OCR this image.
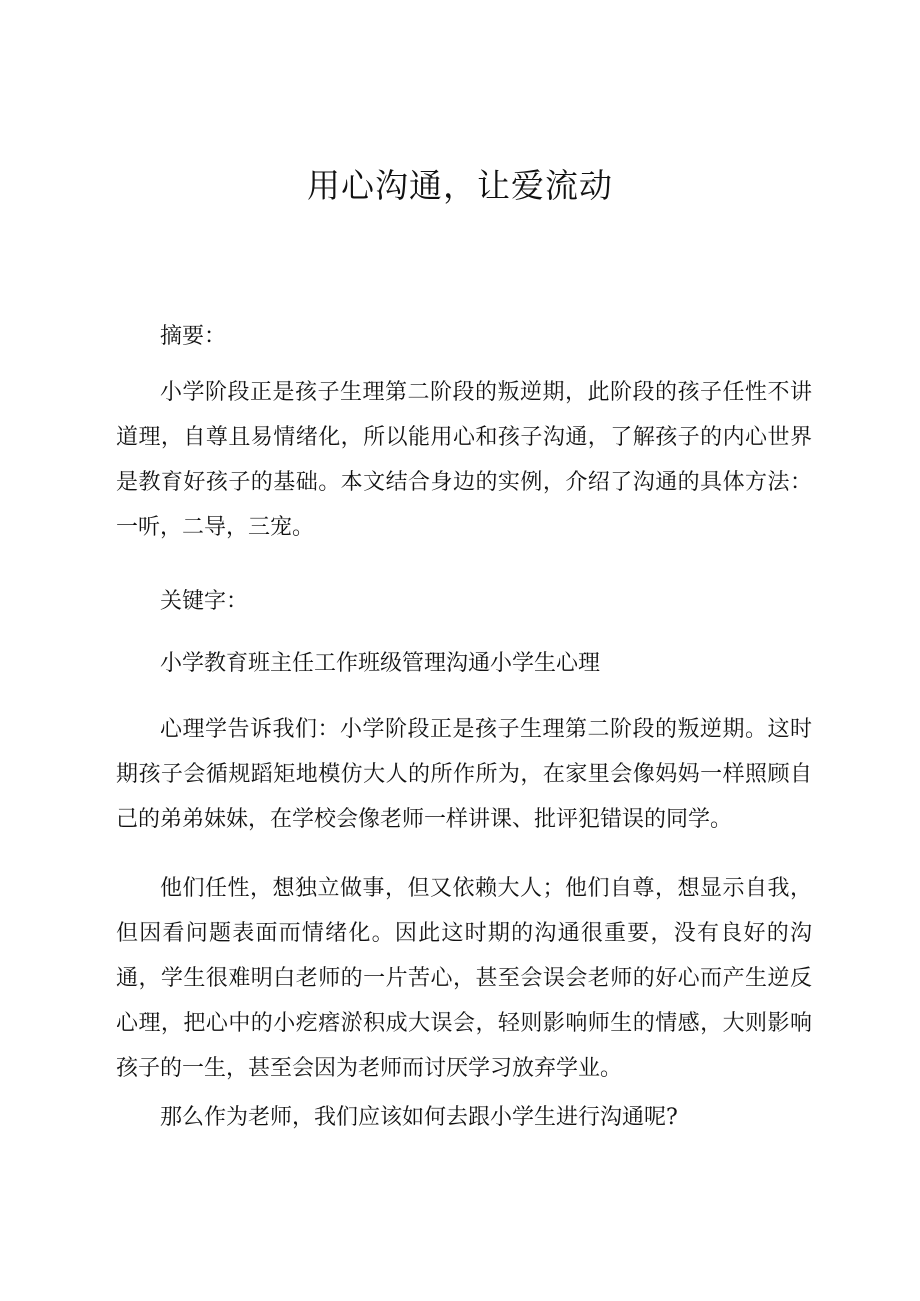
用心沟通，让爱流动

摘要：

小学阶段正是孩子生理第二阶段的叛逆期，此阶段的孩子任性不讲道理，自尊且易情绪化，所以能用心和孩子沟通，了解孩子的内心世界是教育好孩子的基础。本文结合身边的实例，介绍了沟通的具体方法：一听，二导，三宠。

关键字：

小学教育班主任工作班级管理沟通小学生心理

心理学告诉我们：小学阶段正是孩子生理第二阶段的叛逆期。这时期孩子会循规蹈矩地模仿大人的所作所为，在家里会像妈妈一样照顾自己的弟弟妹妹，在学校会像老师一样讲课、批评犯错误的同学。

他们任性，想独立做事，但又依赖大人；他们自尊，想显示自我，但因看问题表面而情绪化。因此这时期的沟通很重要，没有良好的沟通，学生很难明白老师的一片苦心，甚至会误会老师的好心而产生逆反心理，把心中的小疙瘩淤积成大误会，轻则影响师生的情感，大则影响孩子的一生，甚至会因为老师而讨厌学习放弃学业。

那么作为老师，我们应该如何去跟小学生进行沟通呢?
